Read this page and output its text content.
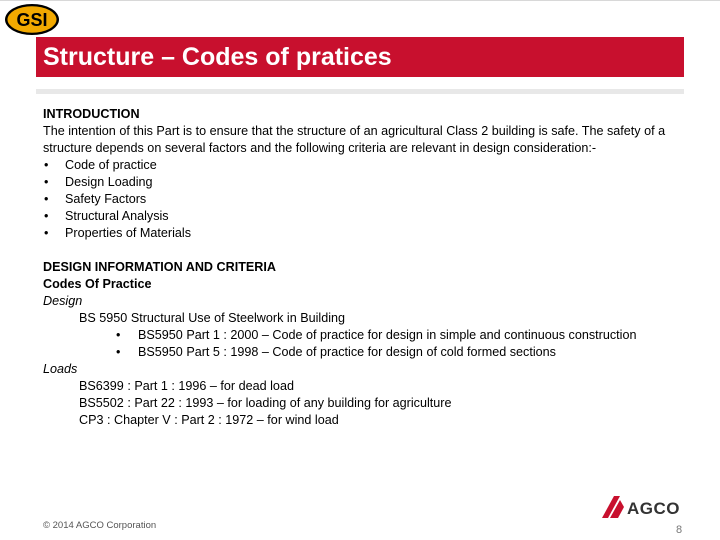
GSI
Structure – Codes of pratices

INTRODUCTION

The intention of this Part is to ensure that the structure of an agricultural Class 2 building is safe. The safety of a structure depends on several factors and the following criteria are relevant in design consideration:-

• Code of practice
• Design Loading
• Safety Factors
• Structural Analysis
• Properties of Materials

DESIGN INFORMATION AND CRITERIA

Codes Of Practice

Design

BS 5950 Structural Use of Steelwork in Building

• BS5950 Part 1 : 2000 – Code of practice for design in simple and continuous construction
• BS5950 Part 5 : 1998 – Code of practice for design of cold formed sections

Loads

BS6399 : Part 1 : 1996 – for dead load

BS5502 : Part 22 : 1993 – for loading of any building for agriculture

CP3 : Chapter V : Part 2 : 1972 – for wind load

© 2014 AGCO Corporation
AGCO
8
